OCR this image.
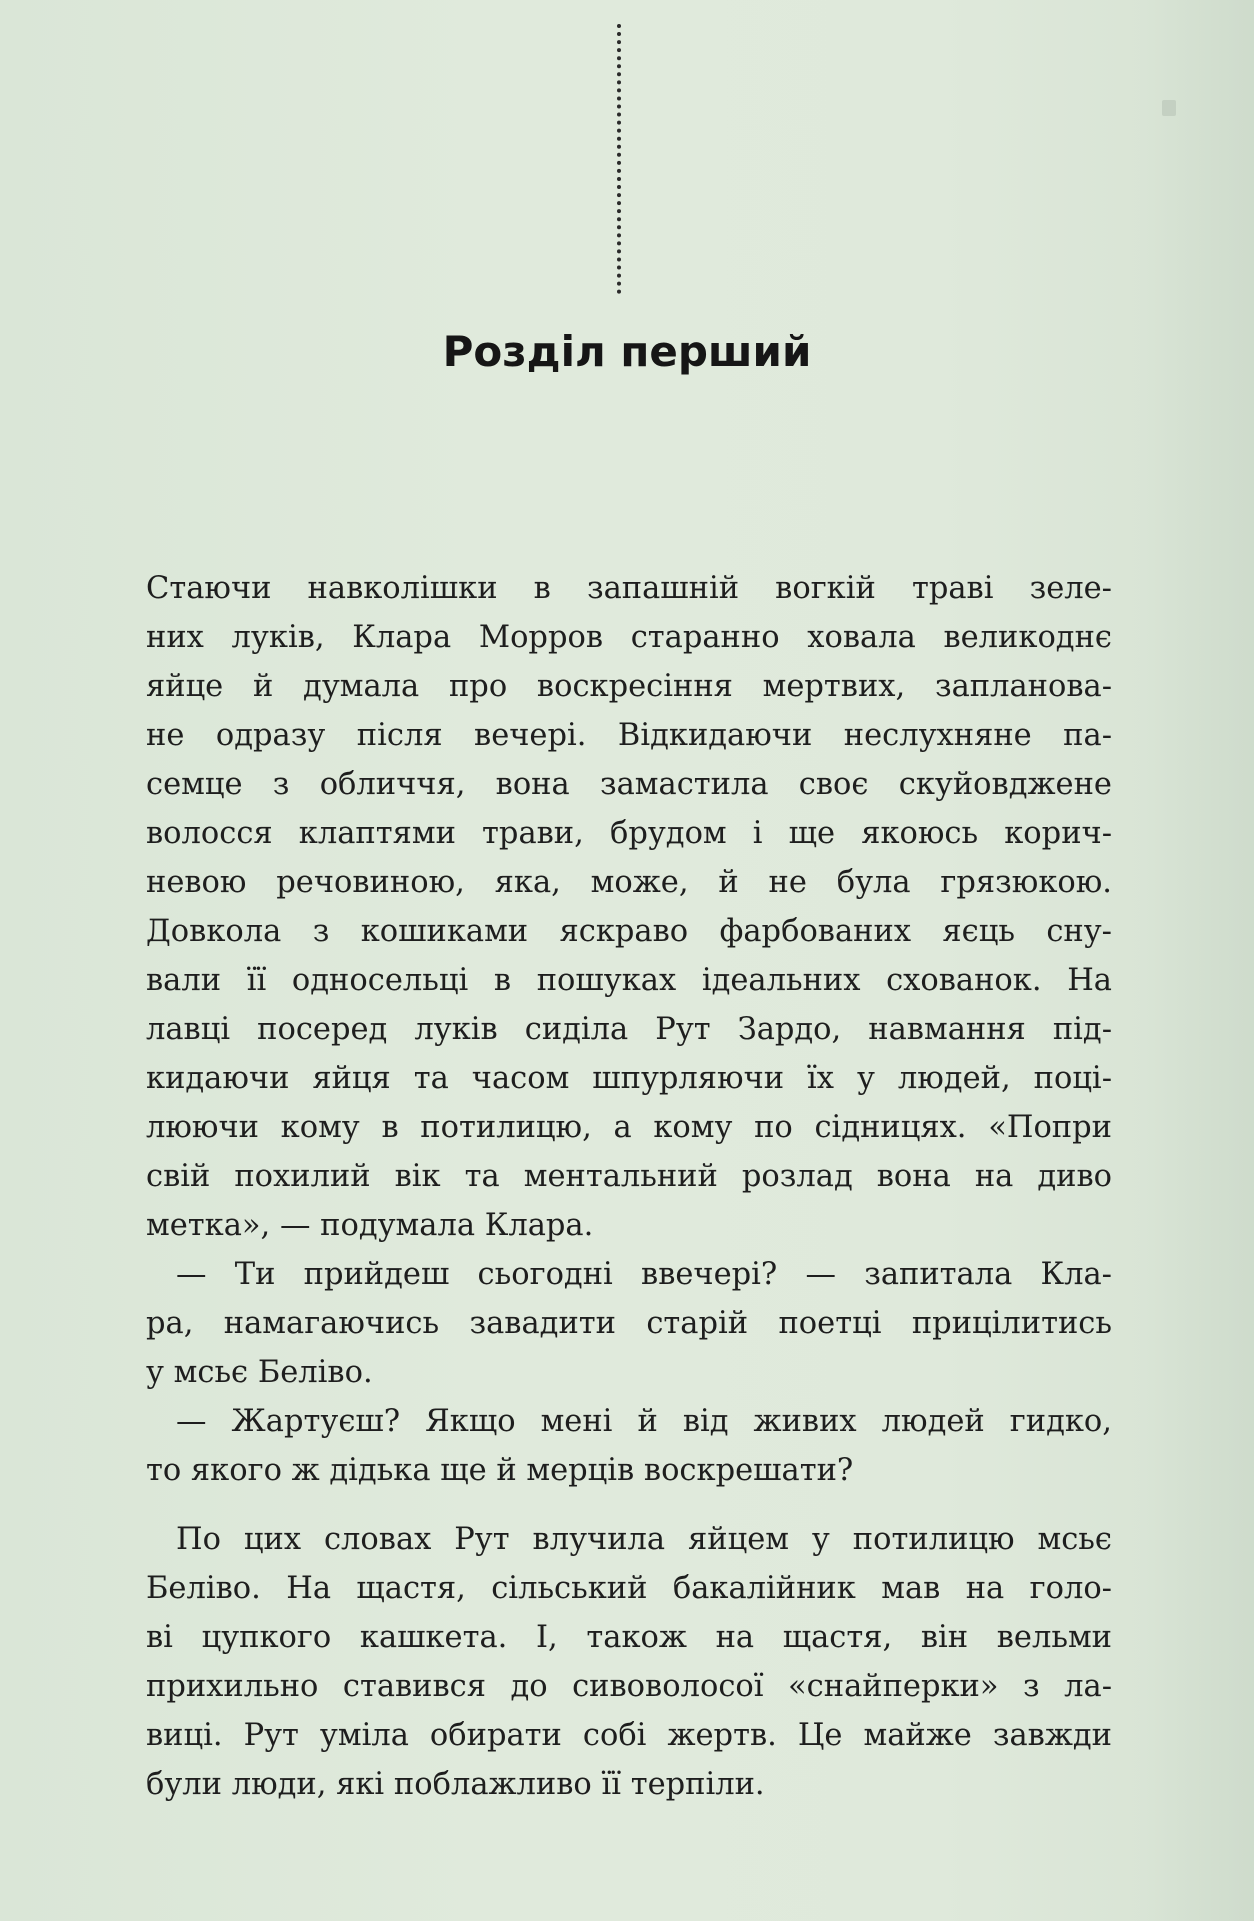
Розділ перший
Стаючи навколішки в запашній вогкій траві зеле-
них луків, Клара Морров старанно ховала великоднє
яйце й думала про воскресіння мертвих, запланова-
не одразу після вечері. Відкидаючи неслухняне па-
семце з обличчя, вона замастила своє скуйовджене
волосся клаптями трави, брудом і ще якоюсь корич-
невою речовиною, яка, може, й не була грязюкою.
Довкола з кошиками яскраво фарбованих яєць сну-
вали її односельці в пошуках ідеальних схованок. На
лавці посеред луків сиділа Рут Зардо, навмання під-
кидаючи яйця та часом шпурляючи їх у людей, поці-
люючи кому в потилицю, а кому по сідницях. «Попри
свій похилий вік та ментальний розлад вона на диво
метка», — подумала Клара.
— Ти прийдеш сьогодні ввечері? — запитала Кла-
ра, намагаючись завадити старій поетці прицілитись
у мсьє Беліво.
— Жартуєш? Якщо мені й від живих людей гидко,
то якого ж дідька ще й мерців воскрешати?
По цих словах Рут влучила яйцем у потилицю мсьє
Беліво. На щастя, сільський бакалійник мав на голо-
ві цупкого кашкета. І, також на щастя, він вельми
прихильно ставився до сивоволосої «снайперки» з ла-
виці. Рут уміла обирати собі жертв. Це майже завжди
були люди, які поблажливо її терпіли.
